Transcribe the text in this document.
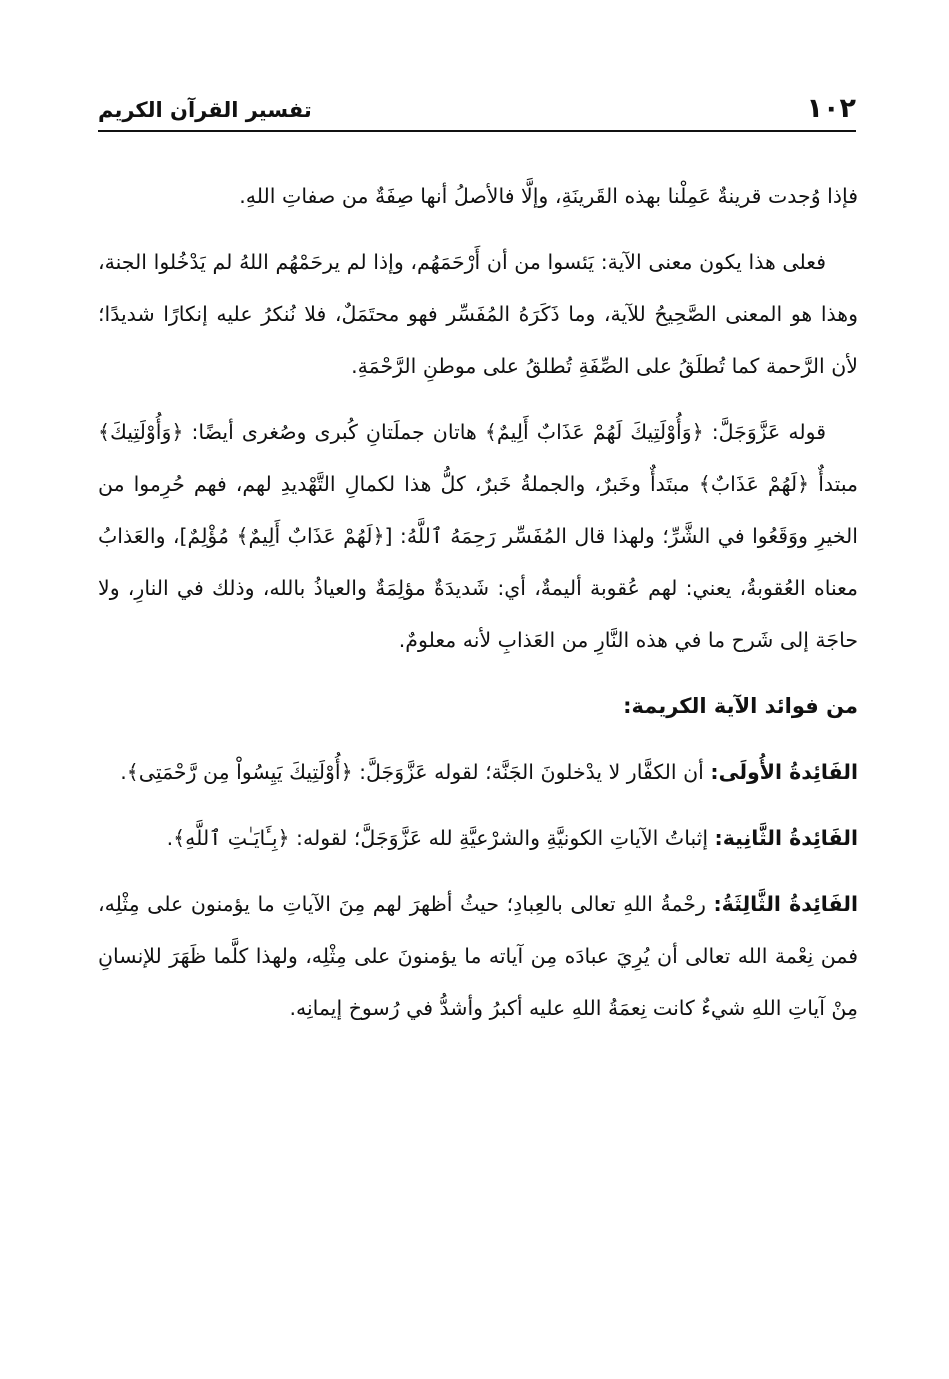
١٠٢
تفسير القرآن الكريم

فإذا وُجدت قرينةٌ عَمِلْنا بهذه القَرينَةِ، وإلَّا فالأصلُ أنها صِفَةٌ من صفاتِ اللهِ.

فعلى هذا يكون معنى الآية: يَئسوا من أن أَرْحَمَهُم، وإذا لم يرحَمْهُم اللهُ لم يَدْخُلوا الجنة، وهذا هو المعنى الصَّحِيحُ للآية، وما ذَكَرَهُ المُفَسِّر فهو محتَمَلٌ، فلا نُنكرُ عليه إنكارًا شديدًا؛ لأن الرَّحمة كما تُطلَقُ على الصِّفَةِ تُطلقُ على موطنِ الرَّحْمَةِ.

قوله عَزَّوَجَلَّ: ﴿وَأُوْلَتِيكَ لَهُمْ عَذَابٌ أَلِيمٌ﴾ هاتان جملَتانِ كُبرى وصُغرى أيضًا: ﴿وَأُوْلَتِيكَ﴾ مبتدأٌ ﴿لَهُمْ عَذَابٌ﴾ مبتَدأٌ وخَبرٌ، والجملةُ خَبرٌ، كلُّ هذا لكمالِ التَّهْديدِ لهم، فهم حُرِموا من الخيرِ ووَقَعُوا في الشَّرِّ؛ ولهذا قال المُفَسِّر رَحِمَهُ ٱللَّهُ: [﴿لَهُمْ عَذَابٌ أَلِيمٌ﴾ مُؤْلِمٌ]، والعَذابُ معناه العُقوبةُ، يعني: لهم عُقوبة أليمةٌ، أي: شَديدَةٌ مؤلِمَةٌ والعياذُ بالله، وذلك في النارِ، ولا حاجَة إلى شَرح ما في هذه النَّارِ من العَذابِ لأنه معلومٌ.

من فوائد الآية الكريمة:

الفَائِدةُ الأُولَى: أن الكفَّار لا يدْخلونَ الجَنَّة؛ لقوله عَزَّوَجَلَّ: ﴿أُوْلَتِيكَ يَيِسُواْ مِن رَّحْمَتِى﴾.

الفَائِدةُ الثَّانِية: إثباتُ الآياتِ الكونيَّةِ والشرْعيَّةِ لله عَزَّوَجَلَّ؛ لقوله: ﴿بِـَٔايَـٰتِ ٱللَّهِ﴾.

الفَائِدةُ الثَّالِثَةُ: رحْمةُ اللهِ تعالى بالعِبادِ؛ حيثُ أظهرَ لهم مِنَ الآياتِ ما يؤمنون على مِثْلِه، فمن نِعْمة الله تعالى أن يُرِيَ عبادَه مِن آياته ما يؤمنونَ على مِثْلِه، ولهذا كلَّما ظَهَرَ للإنسانِ مِنْ آياتِ اللهِ شيءٌ كانت نِعمَةُ اللهِ عليه أكبرُ وأشدُّ في رُسوخ إيمانِه.
